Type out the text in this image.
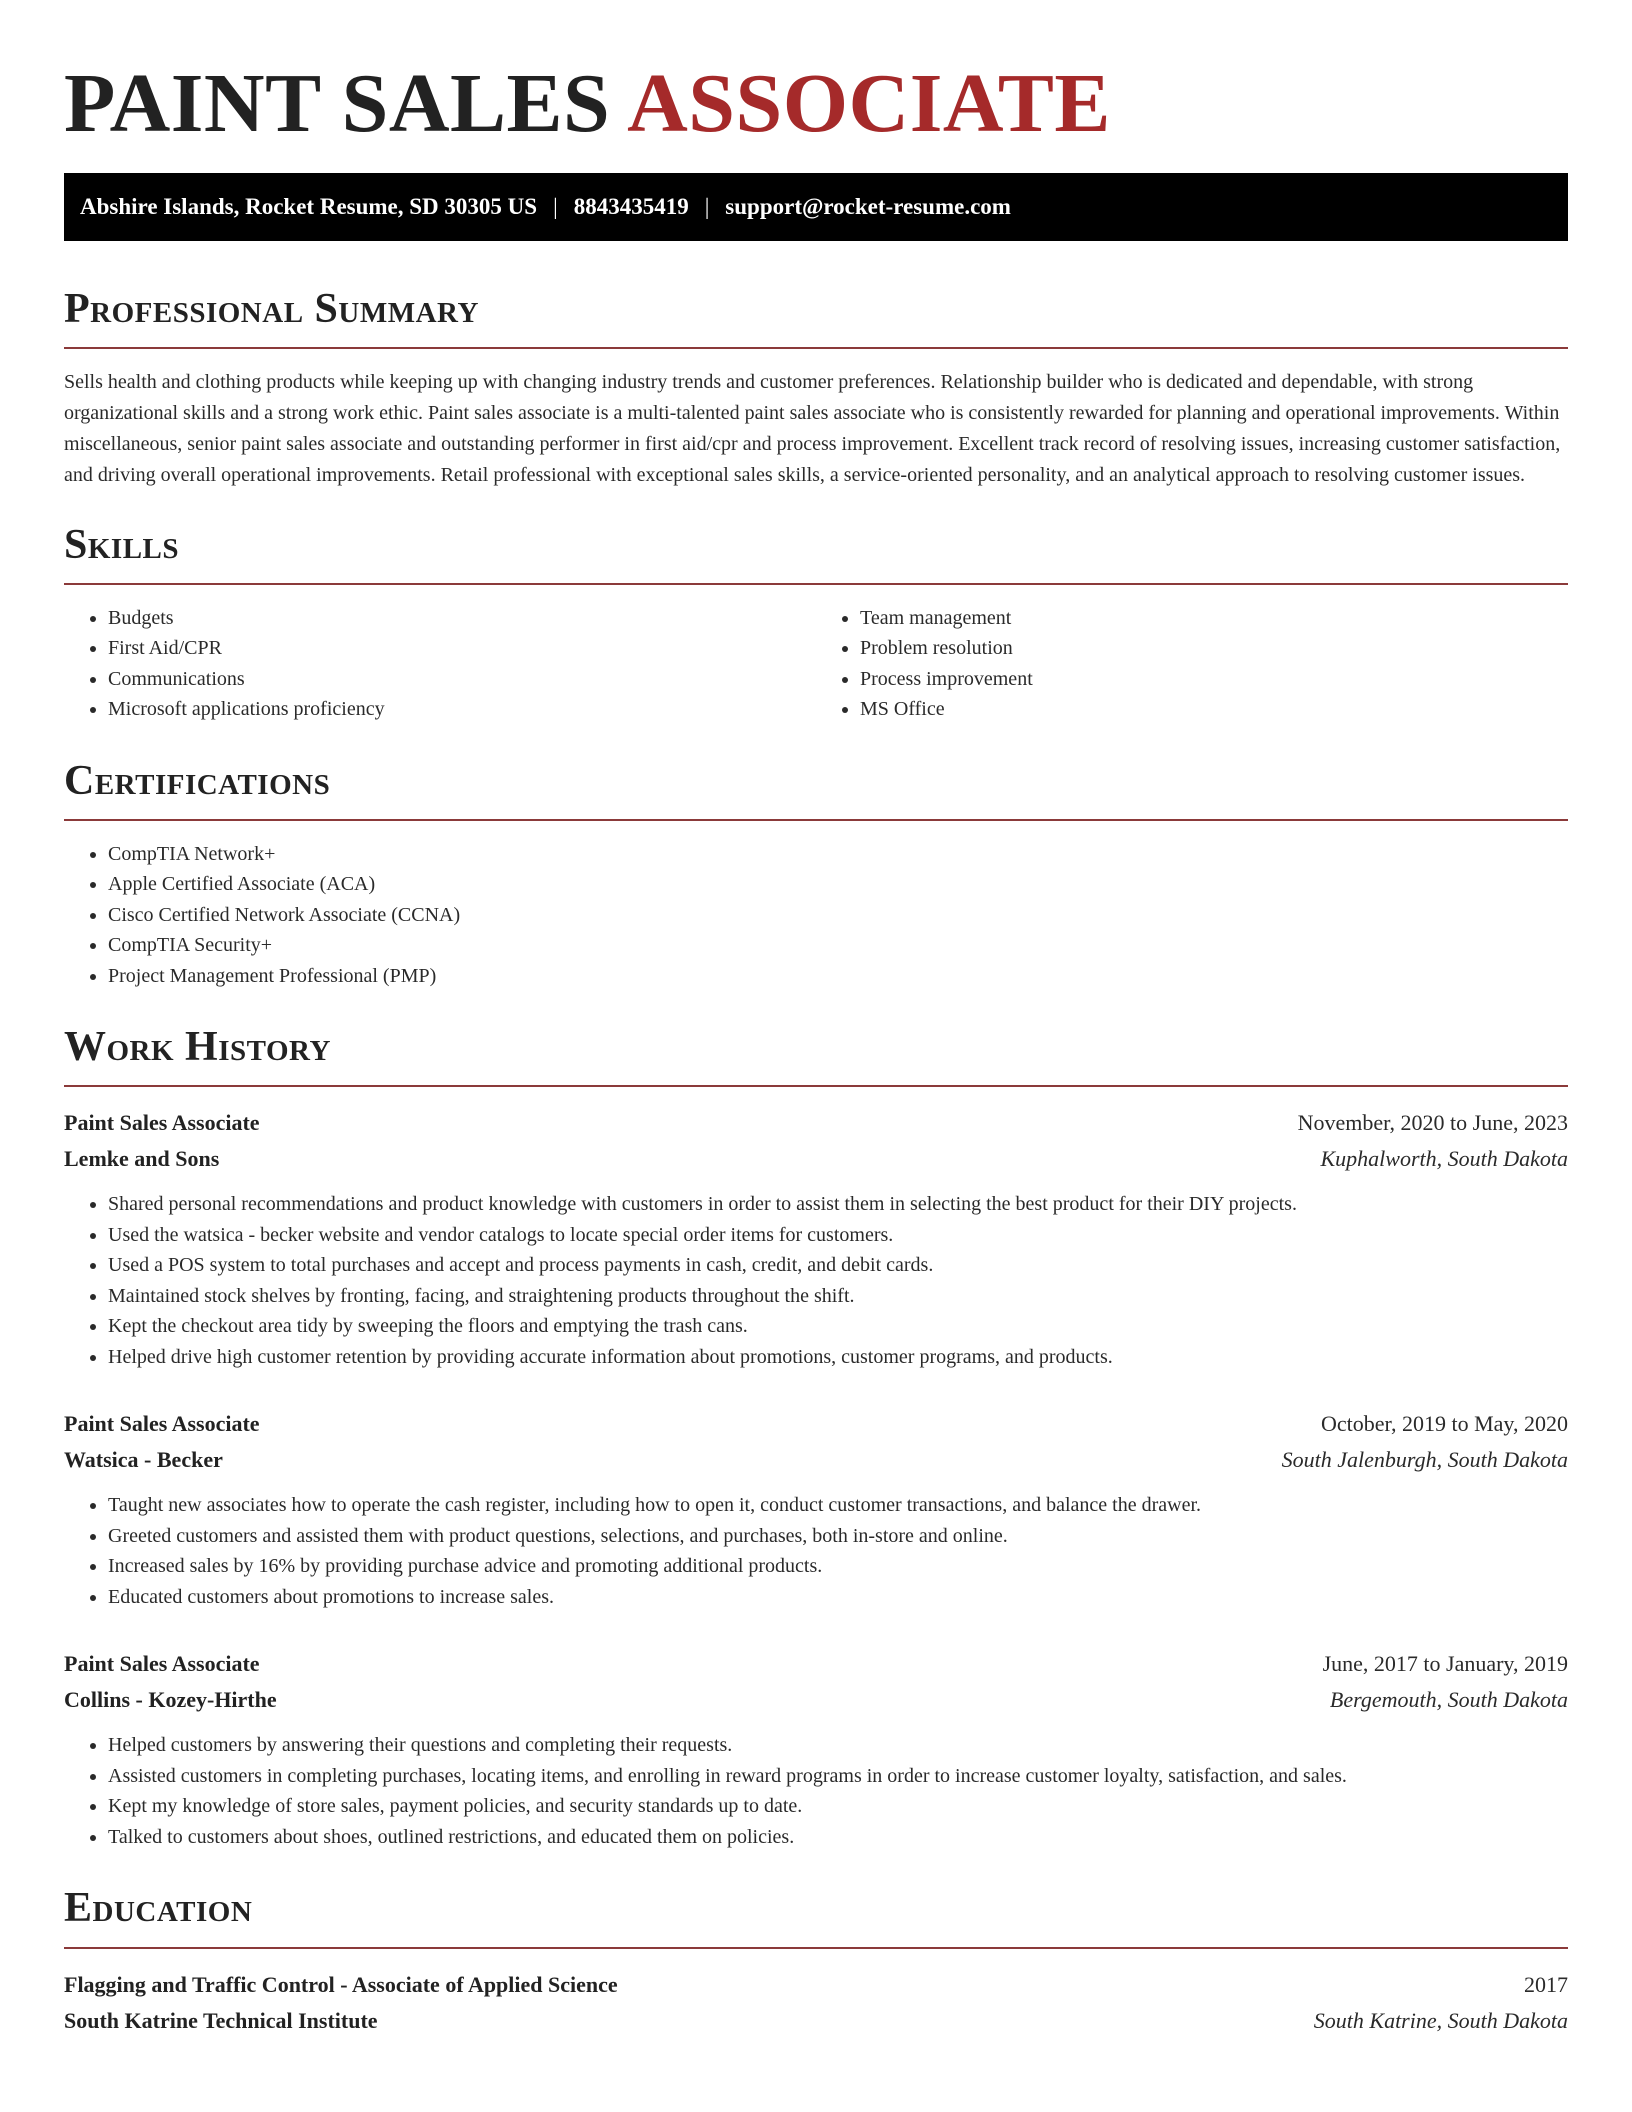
PAINT SALES ASSOCIATE
Abshire Islands, Rocket Resume, SD 30305 US | 8843435419 | support@rocket-resume.com
Professional Summary

Sells health and clothing products while keeping up with changing industry trends and customer preferences. Relationship builder who is dedicated and dependable, with strong organizational skills and a strong work ethic. Paint sales associate is a multi-talented paint sales associate who is consistently rewarded for planning and operational improvements. Within miscellaneous, senior paint sales associate and outstanding performer in first aid/cpr and process improvement. Excellent track record of resolving issues, increasing customer satisfaction, and driving overall operational improvements. Retail professional with exceptional sales skills, a service-oriented personality, and an analytical approach to resolving customer issues.

Skills
• Budgets
• First Aid/CPR
• Communications
• Microsoft applications proficiency
• Team management
• Problem resolution
• Process improvement
• MS Office
Certifications
• CompTIA Network+
• Apple Certified Associate (ACA)
• Cisco Certified Network Associate (CCNA)
• CompTIA Security+
• Project Management Professional (PMP)
Work History
Paint Sales Associate	November, 2020 to June, 2023
Lemke and Sons	Kuphalworth, South Dakota
• Shared personal recommendations and product knowledge with customers in order to assist them in selecting the best product for their DIY projects.
• Used the watsica - becker website and vendor catalogs to locate special order items for customers.
• Used a POS system to total purchases and accept and process payments in cash, credit, and debit cards.
• Maintained stock shelves by fronting, facing, and straightening products throughout the shift.
• Kept the checkout area tidy by sweeping the floors and emptying the trash cans.
• Helped drive high customer retention by providing accurate information about promotions, customer programs, and products.
Paint Sales Associate	October, 2019 to May, 2020
Watsica - Becker	South Jalenburgh, South Dakota
• Taught new associates how to operate the cash register, including how to open it, conduct customer transactions, and balance the drawer.
• Greeted customers and assisted them with product questions, selections, and purchases, both in-store and online.
• Increased sales by 16% by providing purchase advice and promoting additional products.
• Educated customers about promotions to increase sales.
Paint Sales Associate	June, 2017 to January, 2019
Collins - Kozey-Hirthe	Bergemouth, South Dakota
• Helped customers by answering their questions and completing their requests.
• Assisted customers in completing purchases, locating items, and enrolling in reward programs in order to increase customer loyalty, satisfaction, and sales.
• Kept my knowledge of store sales, payment policies, and security standards up to date.
• Talked to customers about shoes, outlined restrictions, and educated them on policies.
Education
Flagging and Traffic Control - Associate of Applied Science	2017
South Katrine Technical Institute	South Katrine, South Dakota
